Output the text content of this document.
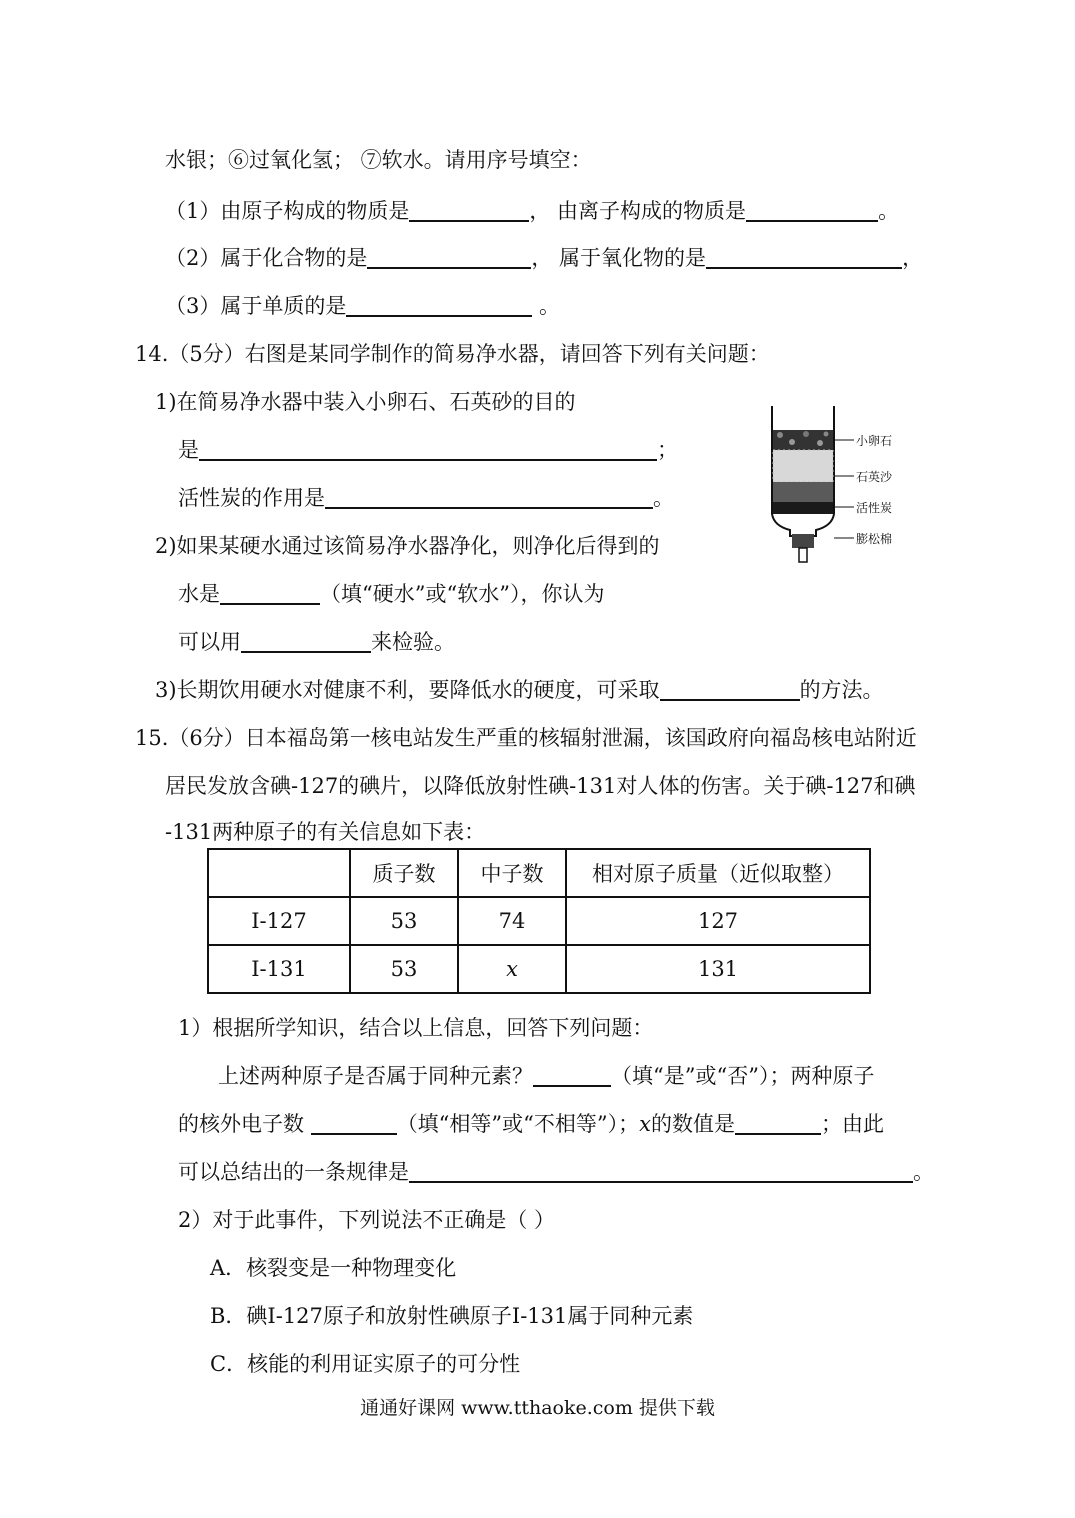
水银；⑥过氧化氢； ⑦软水。请用序号填空：
（1）由原子构成的物质是	， 由离子构成的物质是	。
（2）属于化合物的是	， 属于氧化物的是	，
（3）属于单质的是	。
14.（5分）右图是某同学制作的简易净水器，请回答下列有关问题：
1)在简易净水器中装入小卵石、石英砂的目的
是	；
活性炭的作用是	。
2)如果某硬水通过该简易净水器净化，则净化后得到的
水是	（填“硬水”或“软水”），你认为
可以用	来检验。
3)长期饮用硬水对健康不利，要降低水的硬度，可采取	的方法。
小卵石
石英沙
活性炭
膨松棉
15.（6分）日本福岛第一核电站发生严重的核辐射泄漏，该国政府向福岛核电站附近
居民发放含碘-127的碘片，以降低放射性碘-131对人体的伤害。关于碘-127和碘
-131两种原子的有关信息如下表：
	质子数	中子数	相对原子质量（近似取整）
I-127	53	74	127
I-131	53	x	131
1）根据所学知识，结合以上信息，回答下列问题：
上述两种原子是否属于同种元素？	（填“是”或“否”）；两种原子
的核外电子数	（填“相等”或“不相等”）；x的数值是	；由此
可以总结出的一条规律是	。
2）对于此事件，下列说法不正确是（ ）
A．核裂变是一种物理变化
B．碘I-127原子和放射性碘原子I-131属于同种元素
C．核能的利用证实原子的可分性
通通好课网 www.tthaoke.com 提供下载
